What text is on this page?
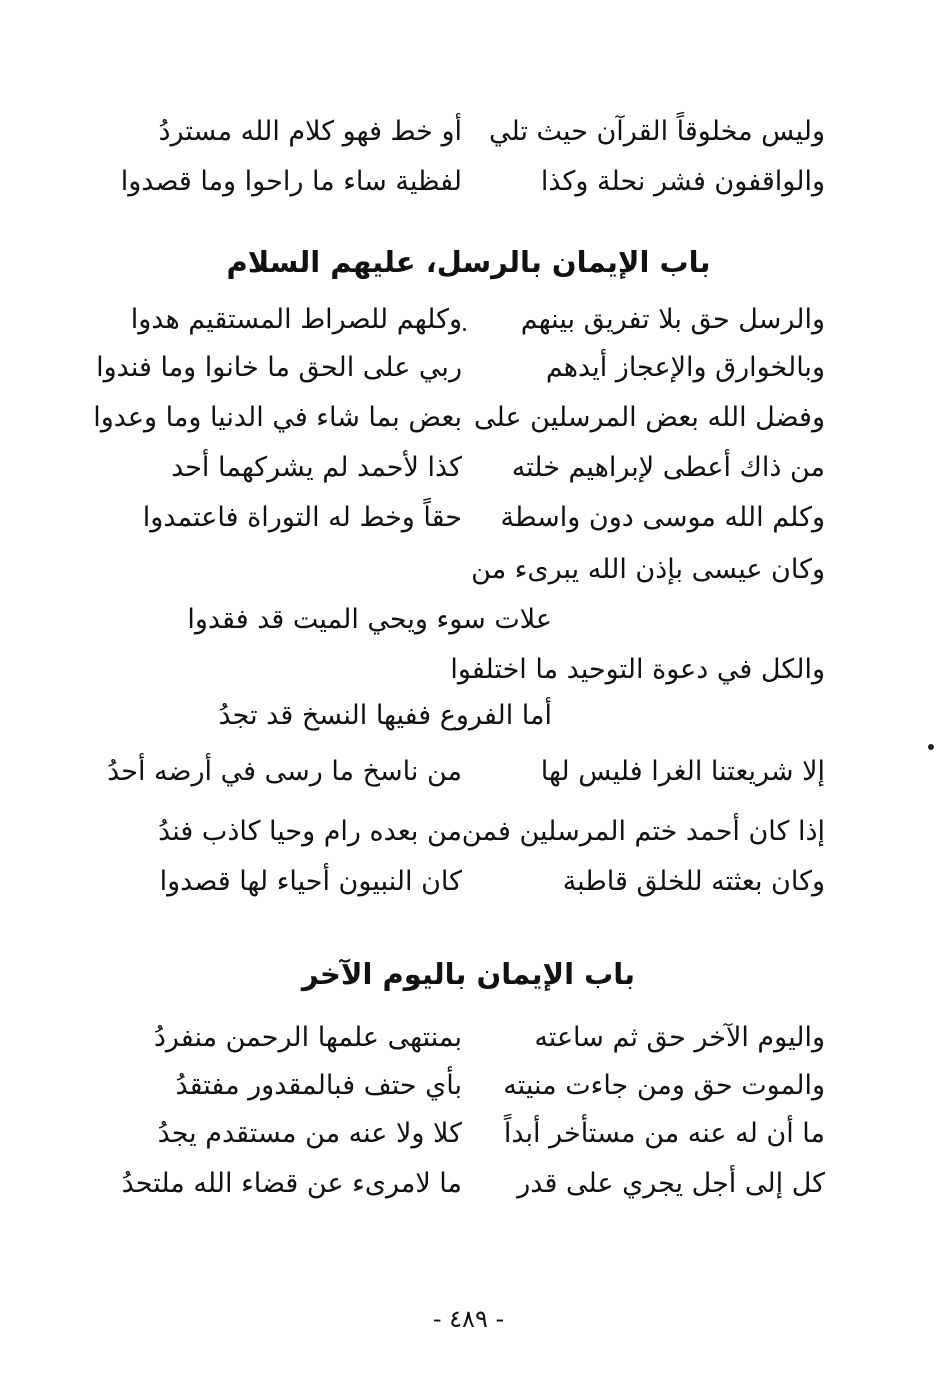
وليس مخلوقاً القرآن حيث تلي
أو خط فهو كلام الله مستردُ
والواقفون فشر نحلة وكذا
لفظية ساء ما راحوا وما قصدوا
باب الإيمان بالرسل، عليهم السلام
والرسل حق بلا تفريق بينهم
وكلهم للصراط المستقيم هدوا
وبالخوارق والإعجاز أيدهم
ربي على الحق ما خانوا وما فندوا
وفضل الله بعض المرسلين على
بعض بما شاء في الدنيا وما وعدوا
من ذاك أعطى لإبراهيم خلته
كذا لأحمد لم يشركهما أحد
وكلم الله موسى دون واسطة
حقاً وخط له التوراة فاعتمدوا
وكان عيسى بإذن الله يبرىء من
علات سوء ويحي الميت قد فقدوا
والكل في دعوة التوحيد ما اختلفوا
أما الفروع ففيها النسخ قد تجدُ
إلا شريعتنا الغرا فليس لها
من ناسخ ما رسى في أرضه أحدُ
إذا كان أحمد ختم المرسلين فمن
من بعده رام وحيا كاذب فندُ
وكان بعثته للخلق قاطبة
كان النبيون أحياء لها قصدوا
باب الإيمان باليوم الآخر
واليوم الآخر حق ثم ساعته
بمنتهى علمها الرحمن منفردُ
والموت حق ومن جاءت منيته
بأي حتف فبالمقدور مفتقدُ
ما أن له عنه من مستأخر أبداً
كلا ولا عنه من مستقدم يجدُ
كل إلى أجل يجري على قدر
ما لامرىء عن قضاء الله ملتحدُ
- ٤٨٩ -
